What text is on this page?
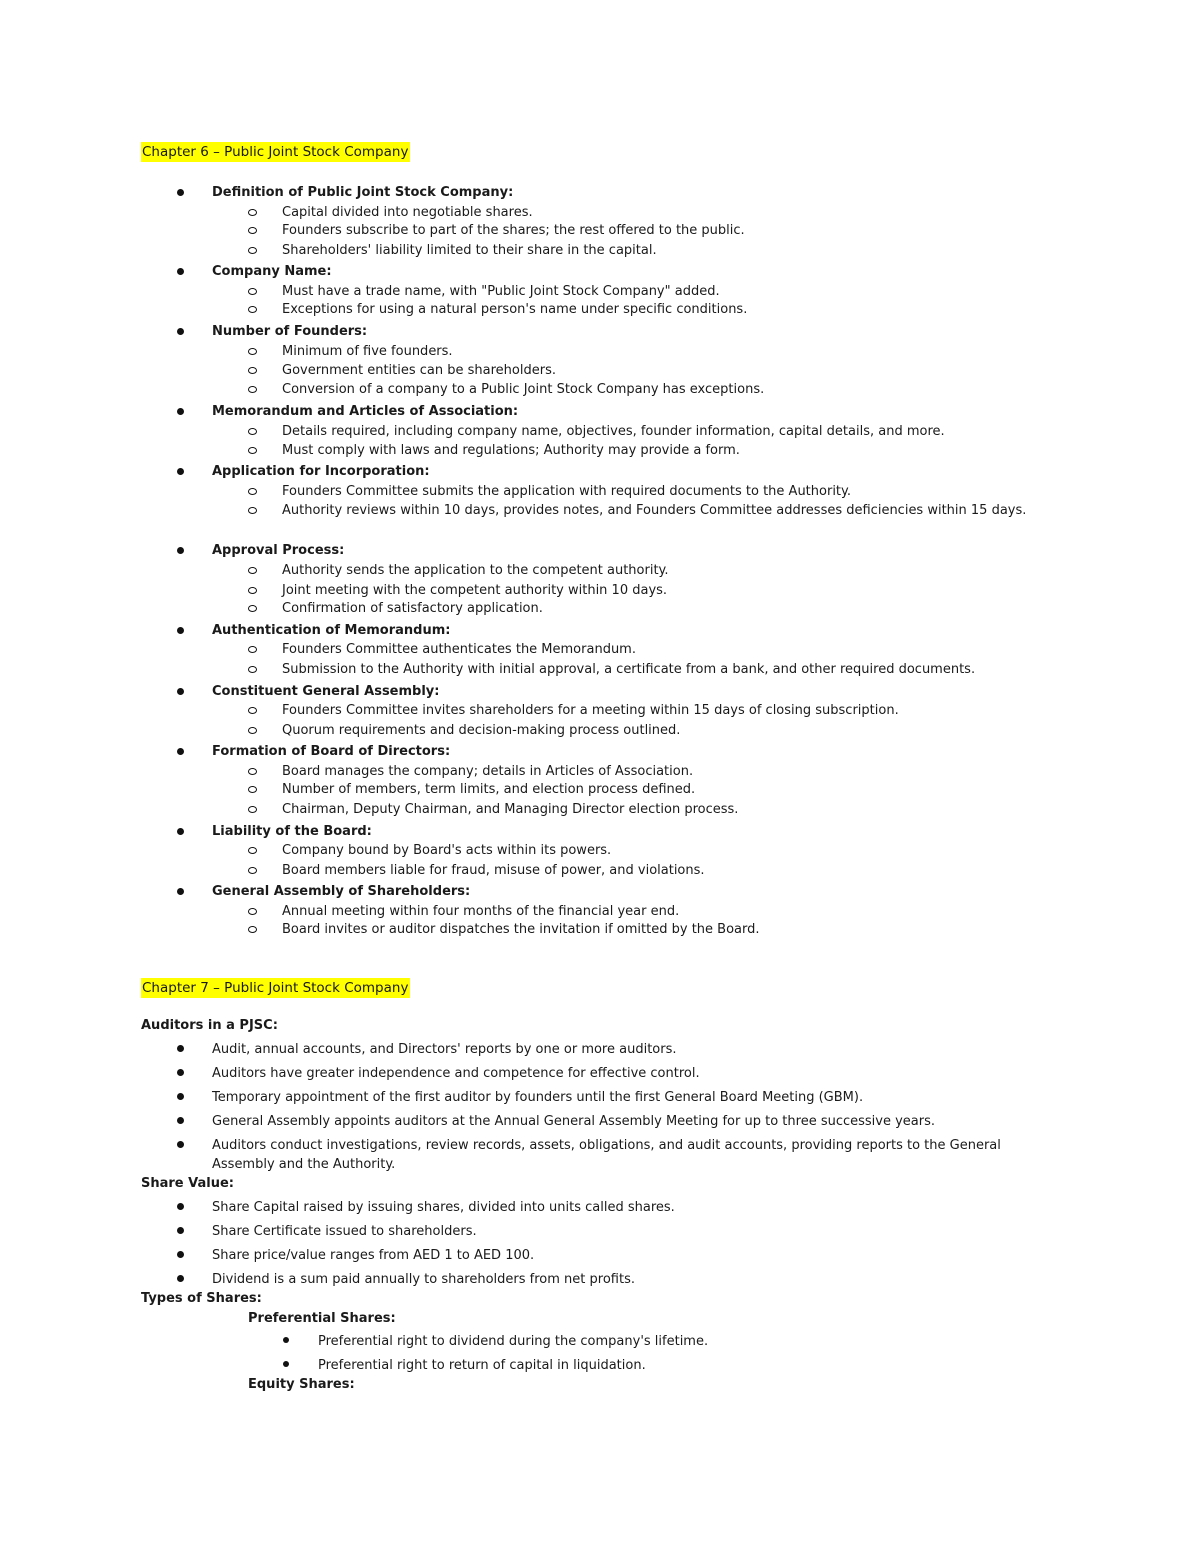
Chapter 6 – Public Joint Stock Company
Definition of Public Joint Stock Company:
Capital divided into negotiable shares.
Founders subscribe to part of the shares; the rest offered to the public.
Shareholders' liability limited to their share in the capital.
Company Name:
Must have a trade name, with "Public Joint Stock Company" added.
Exceptions for using a natural person's name under specific conditions.
Number of Founders:
Minimum of five founders.
Government entities can be shareholders.
Conversion of a company to a Public Joint Stock Company has exceptions.
Memorandum and Articles of Association:
Details required, including company name, objectives, founder information, capital details, and more.
Must comply with laws and regulations; Authority may provide a form.
Application for Incorporation:
Founders Committee submits the application with required documents to the Authority.
Authority reviews within 10 days, provides notes, and Founders Committee addresses deficiencies within 15 days.
Approval Process:
Authority sends the application to the competent authority.
Joint meeting with the competent authority within 10 days.
Confirmation of satisfactory application.
Authentication of Memorandum:
Founders Committee authenticates the Memorandum.
Submission to the Authority with initial approval, a certificate from a bank, and other required documents.
Constituent General Assembly:
Founders Committee invites shareholders for a meeting within 15 days of closing subscription.
Quorum requirements and decision-making process outlined.
Formation of Board of Directors:
Board manages the company; details in Articles of Association.
Number of members, term limits, and election process defined.
Chairman, Deputy Chairman, and Managing Director election process.
Liability of the Board:
Company bound by Board's acts within its powers.
Board members liable for fraud, misuse of power, and violations.
General Assembly of Shareholders:
Annual meeting within four months of the financial year end.
Board invites or auditor dispatches the invitation if omitted by the Board.
Chapter 7 – Public Joint Stock Company
Auditors in a PJSC:
Audit, annual accounts, and Directors' reports by one or more auditors.
Auditors have greater independence and competence for effective control.
Temporary appointment of the first auditor by founders until the first General Board Meeting (GBM).
General Assembly appoints auditors at the Annual General Assembly Meeting for up to three successive years.
Auditors conduct investigations, review records, assets, obligations, and audit accounts, providing reports to the General Assembly and the Authority.
Share Value:
Share Capital raised by issuing shares, divided into units called shares.
Share Certificate issued to shareholders.
Share price/value ranges from AED 1 to AED 100.
Dividend is a sum paid annually to shareholders from net profits.
Types of Shares:
Preferential Shares:
Preferential right to dividend during the company's lifetime.
Preferential right to return of capital in liquidation.
Equity Shares:
